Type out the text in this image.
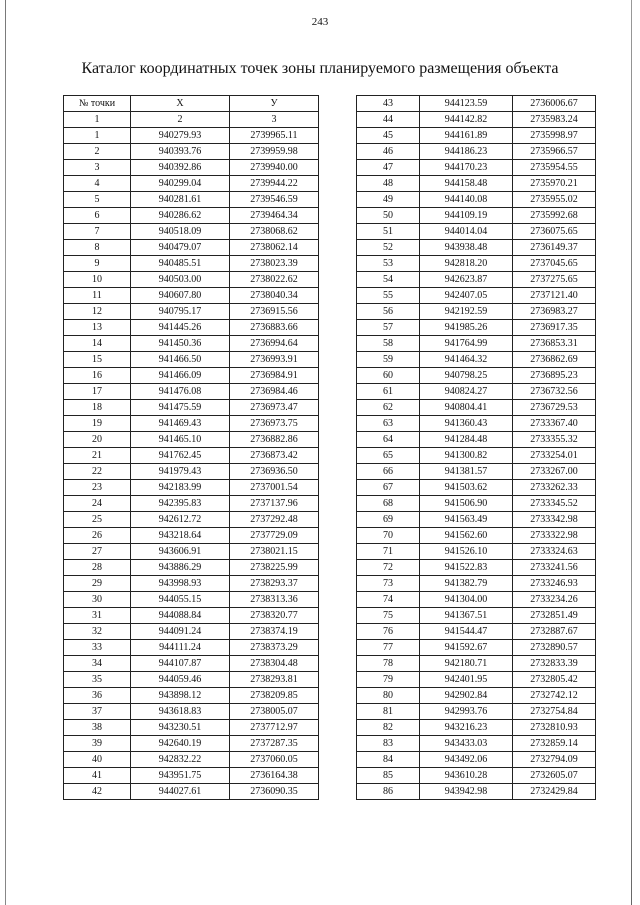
243
Каталог координатных точек зоны планируемого размещения объекта
№ точки	X	У
1	2	3
1	940279.93	2739965.11
2	940393.76	2739959.98
3	940392.86	2739940.00
4	940299.04	2739944.22
5	940281.61	2739546.59
6	940286.62	2739464.34
7	940518.09	2738068.62
8	940479.07	2738062.14
9	940485.51	2738023.39
10	940503.00	2738022.62
11	940607.80	2738040.34
12	940795.17	2736915.56
13	941445.26	2736883.66
14	941450.36	2736994.64
15	941466.50	2736993.91
16	941466.09	2736984.91
17	941476.08	2736984.46
18	941475.59	2736973.47
19	941469.43	2736973.75
20	941465.10	2736882.86
21	941762.45	2736873.42
22	941979.43	2736936.50
23	942183.99	2737001.54
24	942395.83	2737137.96
25	942612.72	2737292.48
26	943218.64	2737729.09
27	943606.91	2738021.15
28	943886.29	2738225.99
29	943998.93	2738293.37
30	944055.15	2738313.36
31	944088.84	2738320.77
32	944091.24	2738374.19
33	944111.24	2738373.29
34	944107.87	2738304.48
35	944059.46	2738293.81
36	943898.12	2738209.85
37	943618.83	2738005.07
38	943230.51	2737712.97
39	942640.19	2737287.35
40	942832.22	2737060.05
41	943951.75	2736164.38
42	944027.61	2736090.35
43	944123.59	2736006.67
44	944142.82	2735983.24
45	944161.89	2735998.97
46	944186.23	2735966.57
47	944170.23	2735954.55
48	944158.48	2735970.21
49	944140.08	2735955.02
50	944109.19	2735992.68
51	944014.04	2736075.65
52	943938.48	2736149.37
53	942818.20	2737045.65
54	942623.87	2737275.65
55	942407.05	2737121.40
56	942192.59	2736983.27
57	941985.26	2736917.35
58	941764.99	2736853.31
59	941464.32	2736862.69
60	940798.25	2736895.23
61	940824.27	2736732.56
62	940804.41	2736729.53
63	941360.43	2733367.40
64	941284.48	2733355.32
65	941300.82	2733254.01
66	941381.57	2733267.00
67	941503.62	2733262.33
68	941506.90	2733345.52
69	941563.49	2733342.98
70	941562.60	2733322.98
71	941526.10	2733324.63
72	941522.83	2733241.56
73	941382.79	2733246.93
74	941304.00	2733234.26
75	941367.51	2732851.49
76	941544.47	2732887.67
77	941592.67	2732890.57
78	942180.71	2732833.39
79	942401.95	2732805.42
80	942902.84	2732742.12
81	942993.76	2732754.84
82	943216.23	2732810.93
83	943433.03	2732859.14
84	943492.06	2732794.09
85	943610.28	2732605.07
86	943942.98	2732429.84
